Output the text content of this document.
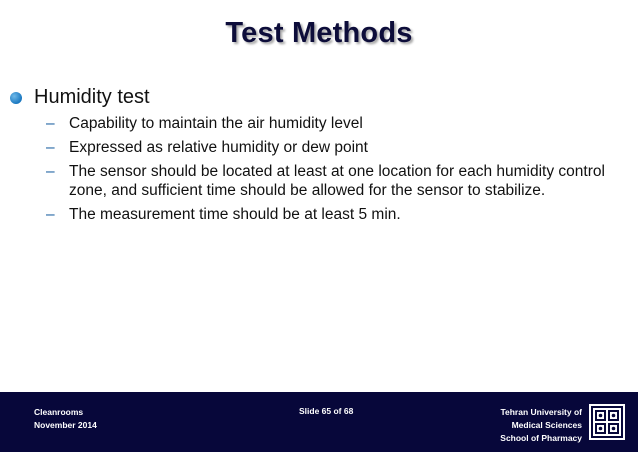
Test Methods
Humidity test
– Capability to maintain the air humidity level
– Expressed as relative humidity or dew point
– The sensor should be located at least at one location for each humidity control zone, and sufficient time should be allowed for the sensor to stabilize.
– The measurement time should be at least 5 min.
Cleanrooms
November 2014
Slide 65 of 68	Tehran University of
Medical Sciences
School of Pharmacy
